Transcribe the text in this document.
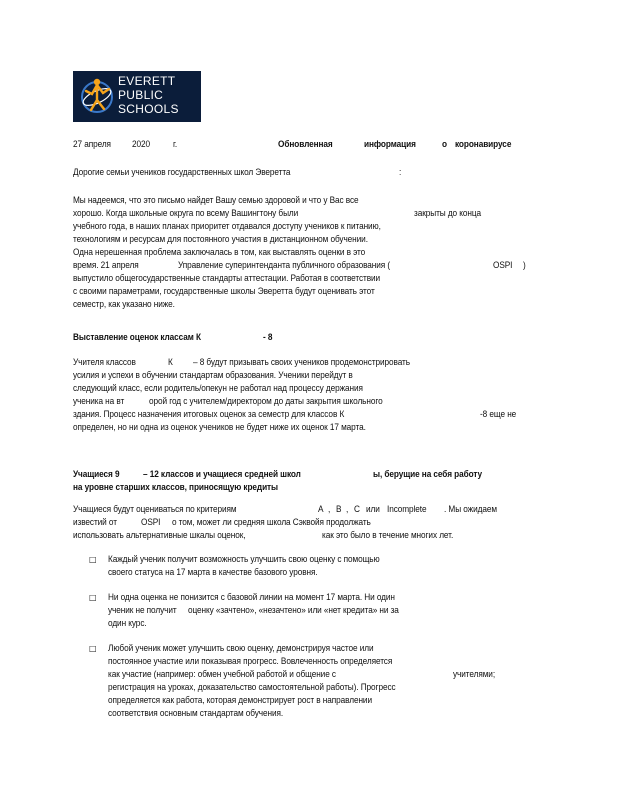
EVERETT
PUBLIC
SCHOOLS
27 апреля 2020 г.	Обновленная	информация	о коронавирусе
Дорогие семьи учеников государственных школ Эверетта	:
Мы надеемся, что это письмо найдет Вашу семью здоровой и что у Вас все
хорошо. Когда школьные округа по всему Вашингтону были	закрыты до конца
учебного года, в наших планах приоритет отдавался доступу учеников к питанию,
технологиям и ресурсам для постоянного участия в дистанционном обучении.
Одна нерешенная проблема заключалась в том, как выставлять оценки в это
время. 21 апреля	Управление суперинтенданта публичного образования (	OSPI )
выпустило общегосударственные стандарты аттестации. Работая в соответствии
с своими параметрами, государственные школы Эверетта будут оценивать этот
семестр, как указано ниже.
Выставление оценок классам К	- 8
Учителя классов	К – 8 будут призывать своих учеников продемонстрировать
усилия и успехи в обучении стандартам образования. Ученики перейдут в
следующий класс, если родитель/опекун не работал над процессу держания
ученика на вт	орой год с учителем/директором до даты закрытия школьного
здания. Процесс назначения итоговых оценок за семестр для классов К	-8 еще не
определен, но ни одна из оценок учеников не будет ниже их оценок 17 марта.
Учащиеся 9 – 12 классов и учащиеся средней школ	ы, берущие на себя работу
на уровне старших классов, приносящую кредиты
Учащиеся будут оцениваться по критериям	A , B , C или Incomplete . Мы ожидаем
известий от	OSPI о том, может ли средняя школа Сэквойя продолжать
использовать альтернативные шкалы оценок,	как это было в течение многих лет.
□ Каждый ученик получит возможность улучшить свою оценку с помощью
своего статуса на 17 марта в качестве базового уровня.
□ Ни одна оценка не понизится с базовой линии на момент 17 марта. Ни один
ученик не получит оценку «зачтено», «незачтено» или «нет кредита» ни за
один курс.
□ Любой ученик может улучшить свою оценку, демонстрируя частое или
постоянное участие или показывая прогресс. Вовлеченность определяется
как участие (например: обмен учебной работой и общение с	учителями;
регистрация на уроках, доказательство самостоятельной работы). Прогресс
определяется как работа, которая демонстрирует рост в направлении
соответствия основным стандартам обучения.
